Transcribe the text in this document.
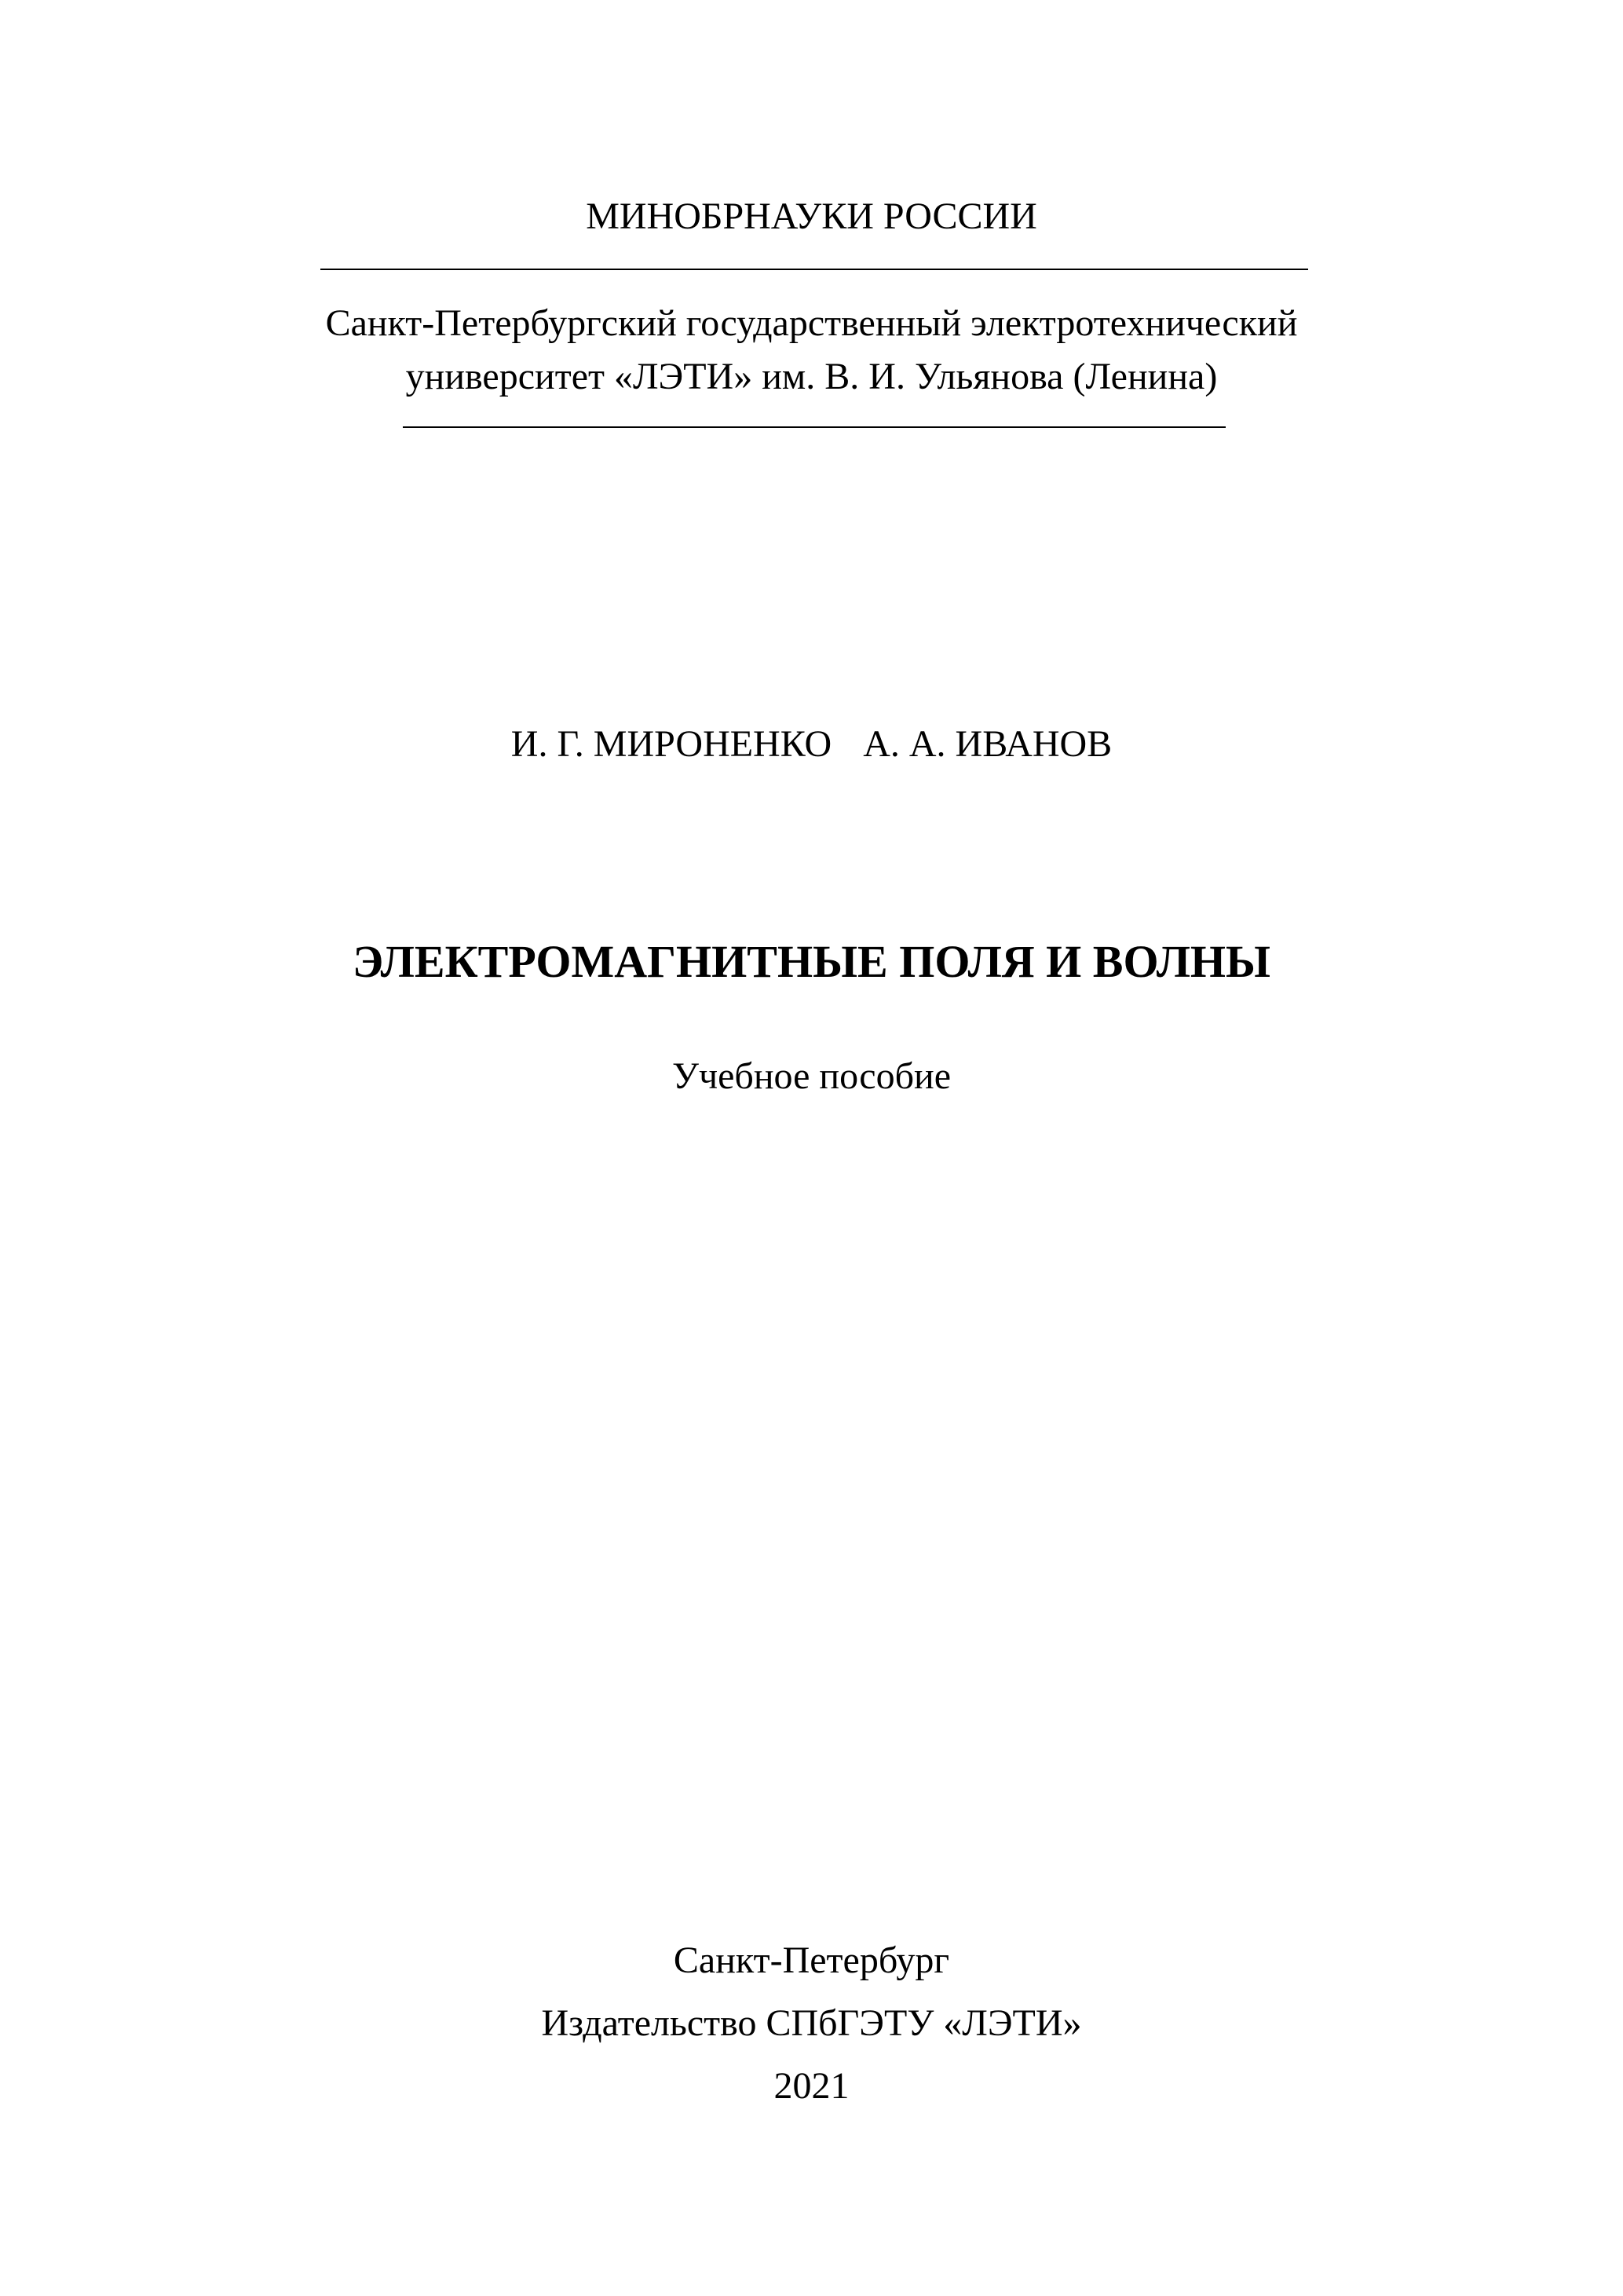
МИНОБРНАУКИ РОССИИ
Санкт-Петербургский государственный электротехнический
университет «ЛЭТИ» им. В. И. Ульянова (Ленина)
И. Г. МИРОНЕНКО А. А. ИВАНОВ
ЭЛЕКТРОМАГНИТНЫЕ ПОЛЯ И ВОЛНЫ
Учебное пособие
Санкт-Петербург
Издательство СПбГЭТУ «ЛЭТИ»
2021
